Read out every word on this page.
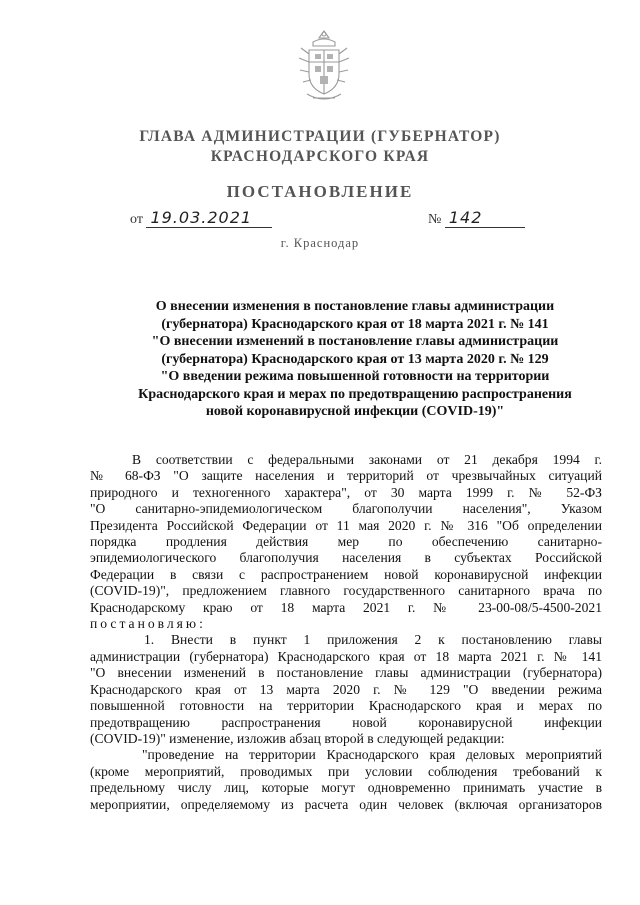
ГЛАВА АДМИНИСТРАЦИИ (ГУБЕРНАТОР)
КРАСНОДАРСКОГО КРАЯ
ПОСТАНОВЛЕНИЕ
от 19.03.2021	№ 142
г. Краснодар
О внесении изменения в постановление главы администрации
(губернатора) Краснодарского края от 18 марта 2021 г. № 141
"О внесении изменений в постановление главы администрации
(губернатора) Краснодарского края от 13 марта 2020 г. № 129
"О введении режима повышенной готовности на территории
Краснодарского края и мерах по предотвращению распространения
новой коронавирусной инфекции (COVID-19)"

В соответствии с федеральными законами от 21 декабря 1994 г.

№ 68-ФЗ "О защите населения и территорий от чрезвычайных ситуаций

природного и техногенного характера", от 30 марта 1999 г. № 52-ФЗ

"О санитарно-эпидемиологическом благополучии населения", Указом

Президента Российской Федерации от 11 мая 2020 г. № 316 "Об определении

порядка продления действия мер по обеспечению санитарно-

эпидемиологического благополучия населения в субъектах Российской

Федерации в связи с распространением новой коронавирусной инфекции

(COVID-19)", предложением главного государственного санитарного врача по

Краснодарскому краю от 18 марта 2021 г. № 23-00-08/5-4500-2021

постановляю:

1. Внести в пункт 1 приложения 2 к постановлению главы

администрации (губернатора) Краснодарского края от 18 марта 2021 г. № 141

"О внесении изменений в постановление главы администрации (губернатора)

Краснодарского края от 13 марта 2020 г. № 129 "О введении режима

повышенной готовности на территории Краснодарского края и мерах по

предотвращению распространения новой коронавирусной инфекции

(COVID-19)" изменение, изложив абзац второй в следующей редакции:

"проведение на территории Краснодарского края деловых мероприятий

(кроме мероприятий, проводимых при условии соблюдения требований к

предельному числу лиц, которые могут одновременно принимать участие в

мероприятии, определяемому из расчета один человек (включая организаторов
